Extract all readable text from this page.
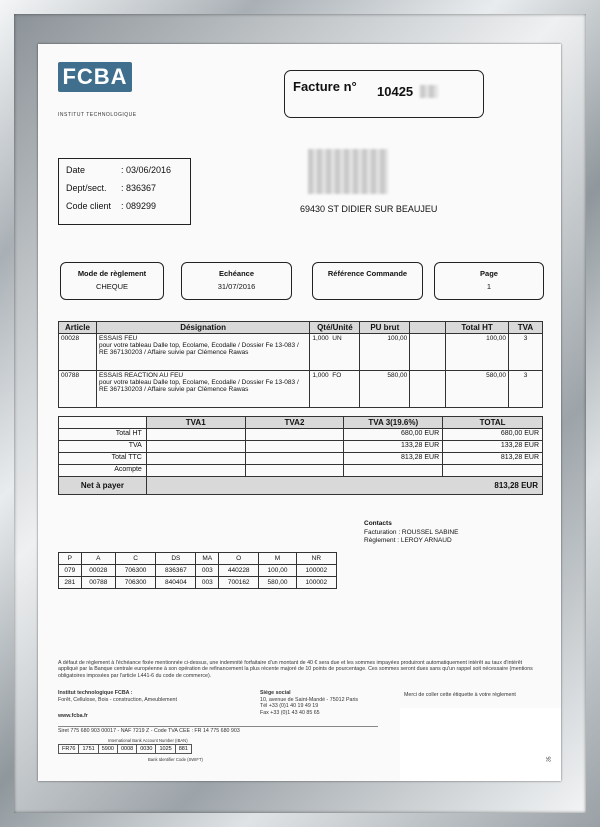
FCBA
INSTITUT TECHNOLOGIQUE
Facture n° 10425
Date	: 03/06/2016
Dept/sect. : 836367
Code client : 089299	69430 ST DIDIER SUR BEAUJEU
Mode de règlement
CHEQUE
Echéance
31/07/2016
Référence Commande	Page
1
Article	Désignation	Qté/Unité	PU brut		Total HT	TVA
00028	ESSAIS FEU
pour votre tableau Dalle top, Ecolame, Ecodalle / Dossier Fe 13-083 / RE 367130203 / Affaire suivie par Clémence Rawas	1,000 UN	100,00		100,00	3
00788	ESSAIS REACTION AU FEU
pour votre tableau Dalle top, Ecolame, Ecodalle / Dossier Fe 13-083 / RE 367130203 / Affaire suivie par Clémence Rawas	1,000 FO	580,00		580,00	3
	TVA1	TVA2	TVA 3(19.6%)	TOTAL
Total HT			680,00 EUR	680,00 EUR
TVA			133,28 EUR	133,28 EUR
Total TTC			813,28 EUR	813,28 EUR
Acompte				
Net à payer	813,28 EUR			
Contacts
Facturation : ROUSSEL SABINE
Règlement : LEROY ARNAUD
P	A	C	DS	MA	O	M	NR
079	00028	706300	836367	003	440228	100,00	100002
281	00788	706300	840404	003	700162	580,00	100002
A défaut de règlement à l'échéance fixée mentionnée ci-dessus, une indemnité forfaitaire d'un montant de 40 € sera due et les sommes impayées produiront automatiquement intérêt au taux d'intérêt appliqué par la Banque centrale européenne à son opération de refinancement la plus récente majoré de 10 points de pourcentage. Ces sommes seront dues sans qu'un rappel soit nécessaire (mentions obligatoires imposées par l'article L441-6 du code de commerce).
Institut technologique FCBA :
Forêt, Cellulose, Bois - construction, Ameublement
www.fcba.fr
Siège social
10, avenue de Saint-Mandé - 75012 Paris
Tél +33 (0)1 40 19 49 19
Fax +33 (0)1 43 40 85 65
Merci de coller cette étiquette à votre règlement
Siret 775 680 903 00017 - NAF 7219 Z - Code TVA CEE : FR 14 775 680 903
International Bank Account Number (IBAN)
FR76	1751	5900	0008	0030	1025	881
Bank Identifier Code (SWIFT)	35
